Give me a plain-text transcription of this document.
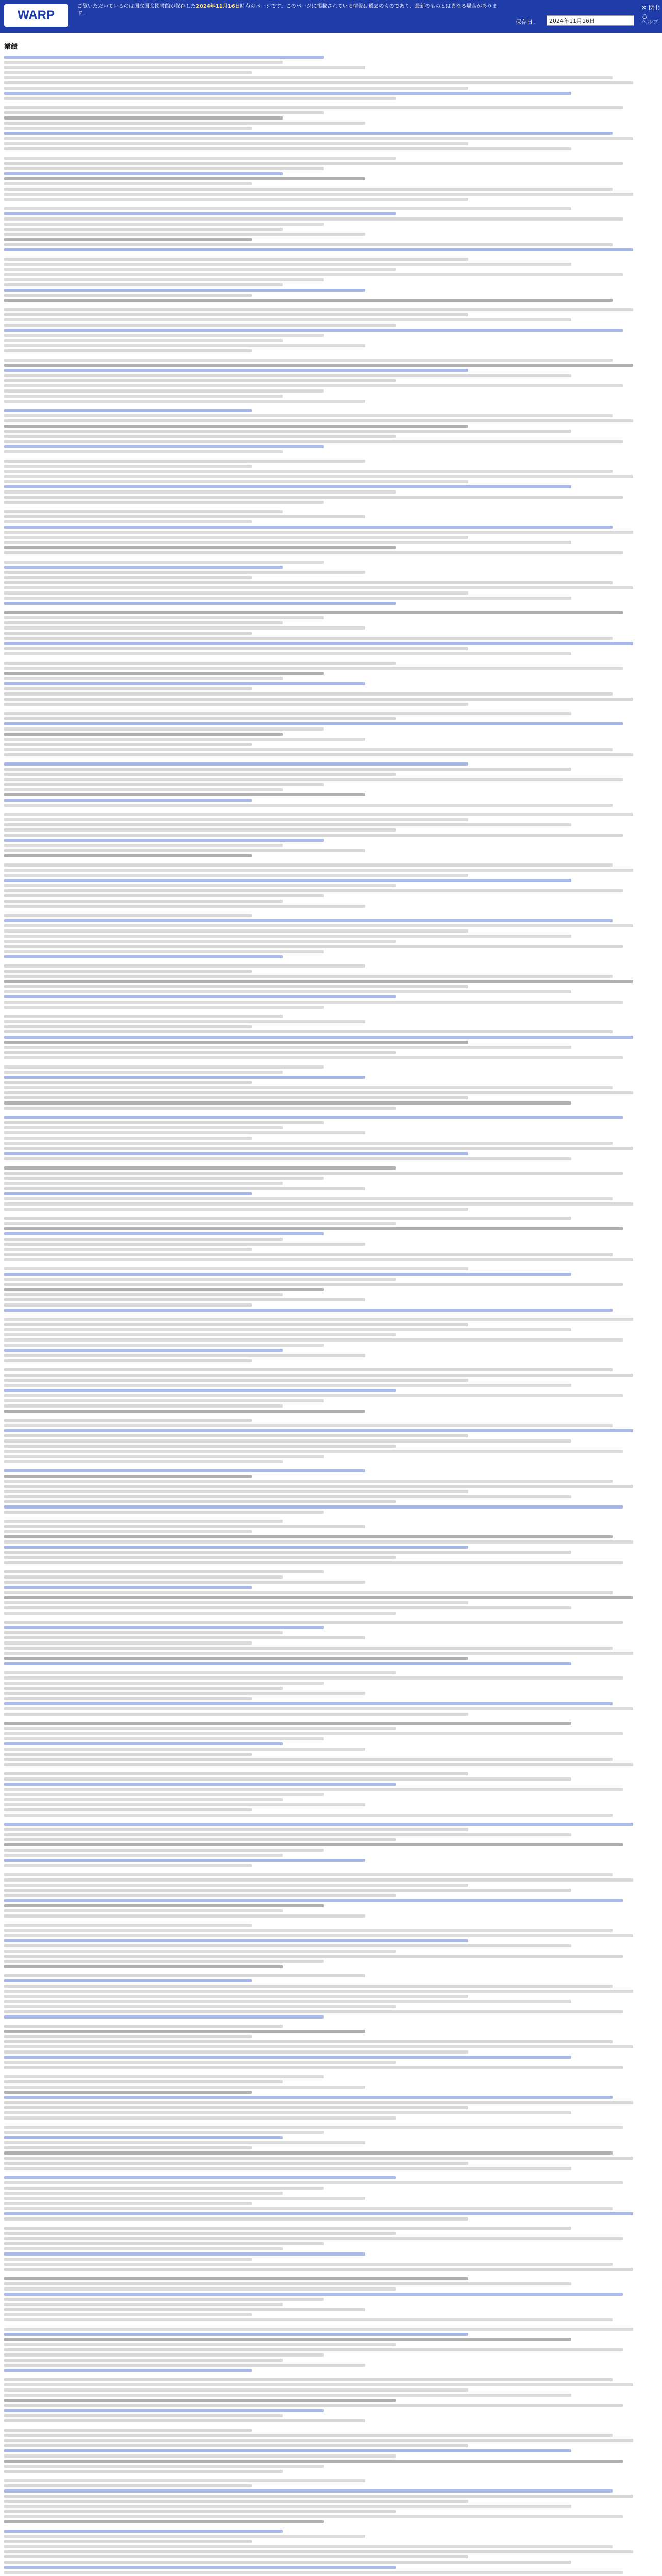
WARP
ご覧いただいているのは国立国会図書館が保存した2024年11月16日時点のページです。このページに掲載されている情報は過去のものであり、最新のものとは異なる場合があります。
保存日：	2024年11月16日
✕ 閉じる
ヘルプ
業績
